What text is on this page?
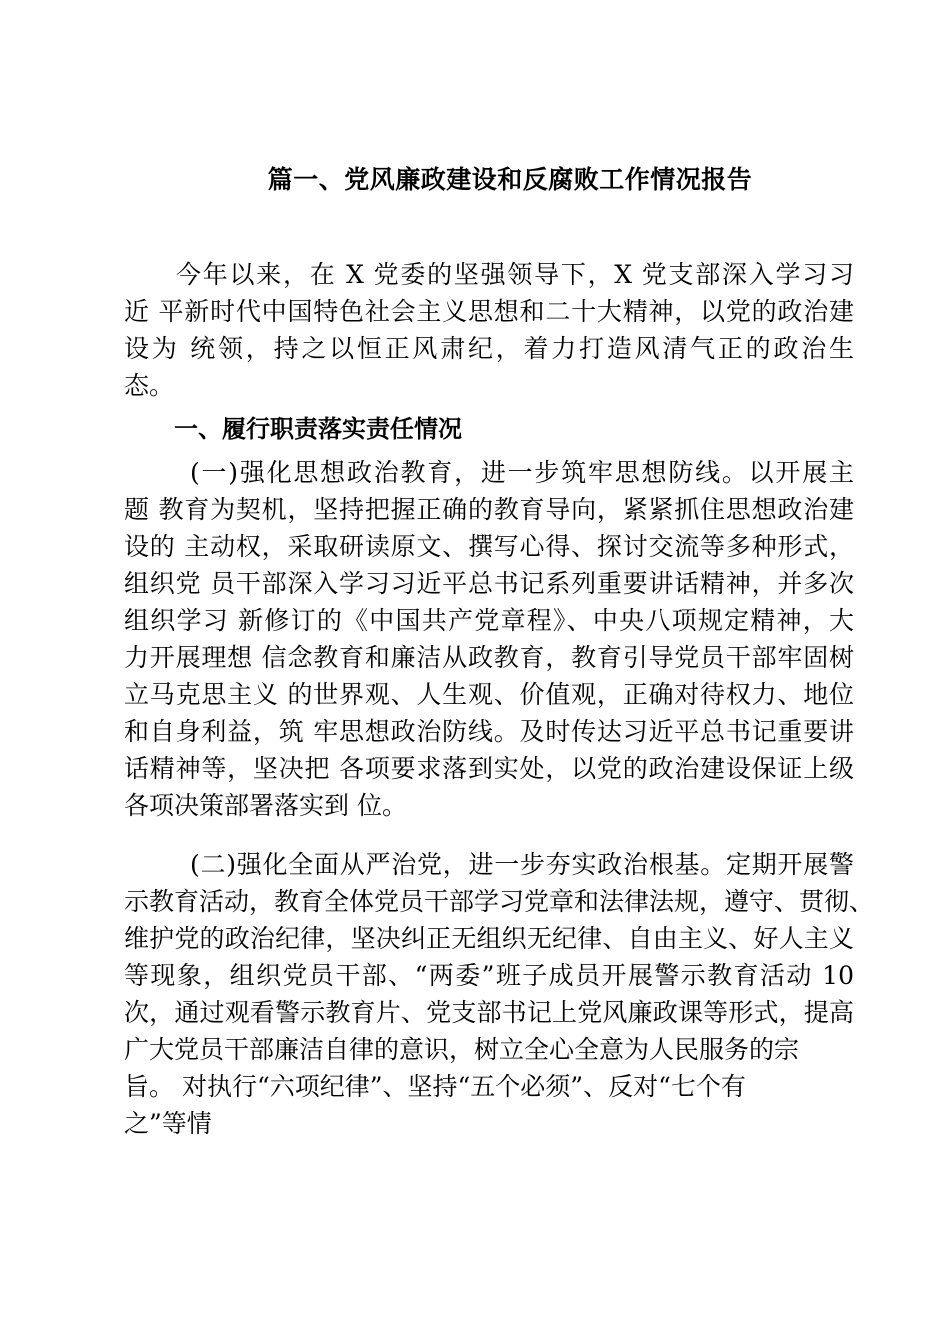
篇一、党风廉政建设和反腐败工作情况报告
今年以来，在 X 党委的坚强领导下，X 党支部深入学习习
近 平新时代中国特色社会主义思想和二十大精神，以党的政治建
设为 统领，持之以恒正风肃纪，着力打造风清气正的政治生
态。
一、履行职责落实责任情况
(一)强化思想政治教育，进一步筑牢思想防线。以开展主
题 教育为契机，坚持把握正确的教育导向，紧紧抓住思想政治建
设的 主动权，采取研读原文、撰写心得、探讨交流等多种形式，
组织党 员干部深入学习习近平总书记系列重要讲话精神，并多次
组织学习 新修订的《中国共产党章程》、中央八项规定精神，大
力开展理想 信念教育和廉洁从政教育，教育引导党员干部牢固树
立马克思主义 的世界观、人生观、价值观，正确对待权力、地位
和自身利益，筑 牢思想政治防线。及时传达习近平总书记重要讲
话精神等，坚决把 各项要求落到实处，以党的政治建设保证上级
各项决策部署落实到 位。
(二)强化全面从严治党，进一步夯实政治根基。定期开展警
示教育活动，教育全体党员干部学习党章和法律法规，遵守、贯彻、
维护党的政治纪律，坚决纠正无组织无纪律、自由主义、好人主义
等现象，组织党员干部、“两委”班子成员开展警示教育活动 10
次，通过观看警示教育片、党支部书记上党风廉政课等形式，提高
广大党员干部廉洁自律的意识，树立全心全意为人民服务的宗
旨。 对执行“六项纪律”、坚持“五个必须”、反对“七个有
之”等情
